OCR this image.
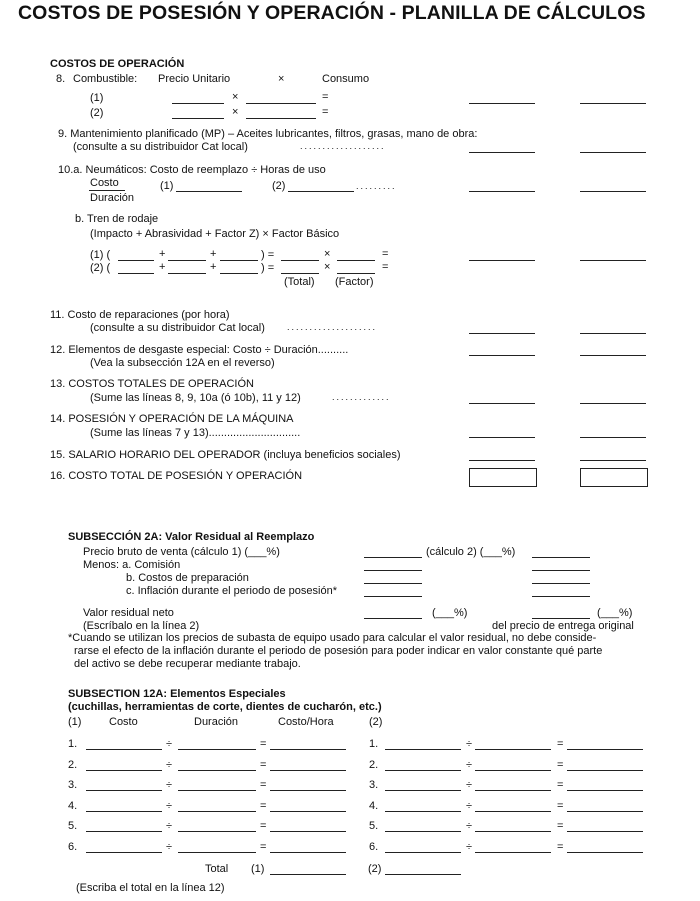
COSTOS DE POSESIÓN Y OPERACIÓN - PLANILLA DE CÁLCULOS
COSTOS DE OPERACIÓN
8. Combustible: Precio Unitario	×	Consumo
(1)	×	=
(2)	×	=
9. Mantenimiento planificado (MP) – Aceites lubricantes, filtros, grasas, mano de obra:
(consulte a su distribuidor Cat local)	...................
10.a. Neumáticos: Costo de reemplazo ÷ Horas de uso
Costo
Duración
(1)	(2)	.........
b. Tren de rodaje
(Impacto + Abrasividad + Factor Z) × Factor Básico
(1) (	+	+	) =	×	=
(2) (	+	+	) =	×	=
(Total) (Factor)
11. Costo de reparaciones (por hora)
(consulte a su distribuidor Cat local) ....................
12. Elementos de desgaste especial: Costo ÷ Duración..........
(Vea la subsección 12A en el reverso)
13. COSTOS TOTALES DE OPERACIÓN
(Sume las líneas 8, 9, 10a (ó 10b), 11 y 12)	.............
14. POSESIÓN Y OPERACIÓN DE LA MÁQUINA
(Sume las líneas 7 y 13)..............................
15. SALARIO HORARIO DEL OPERADOR (incluya beneficios sociales)
16. COSTO TOTAL DE POSESIÓN Y OPERACIÓN
SUBSECCIÓN 2A: Valor Residual al Reemplazo
Precio bruto de venta (cálculo 1) (___%)	(cálculo 2) (___%)
Menos: a. Comisión
b. Costos de preparación
c. Inflación durante el periodo de posesión*
Valor residual neto	(___%)	(___%)
(Escríbalo en la línea 2)	del precio de entrega original
*Cuando se utilizan los precios de subasta de equipo usado para calcular el valor residual, no debe conside-
rarse el efecto de la inflación durante el periodo de posesión para poder indicar en valor constante qué parte
del activo se debe recuperar mediante trabajo.
SUBSECTION 12A: Elementos Especiales
(cuchillas, herramientas de corte, dientes de cucharón, etc.)
(1)	Costo	Duración	Costo/Hora	(2)
1.	÷	=	1.	÷	=
2.	÷	=	2.	÷	=
3.	÷	=	3.	÷	=
4.	÷	=	4.	÷	=
5.	÷	=	5.	÷	=
6.	÷	=	6.	÷	=
Total (1)	(2)
(Escriba el total en la línea 12)
